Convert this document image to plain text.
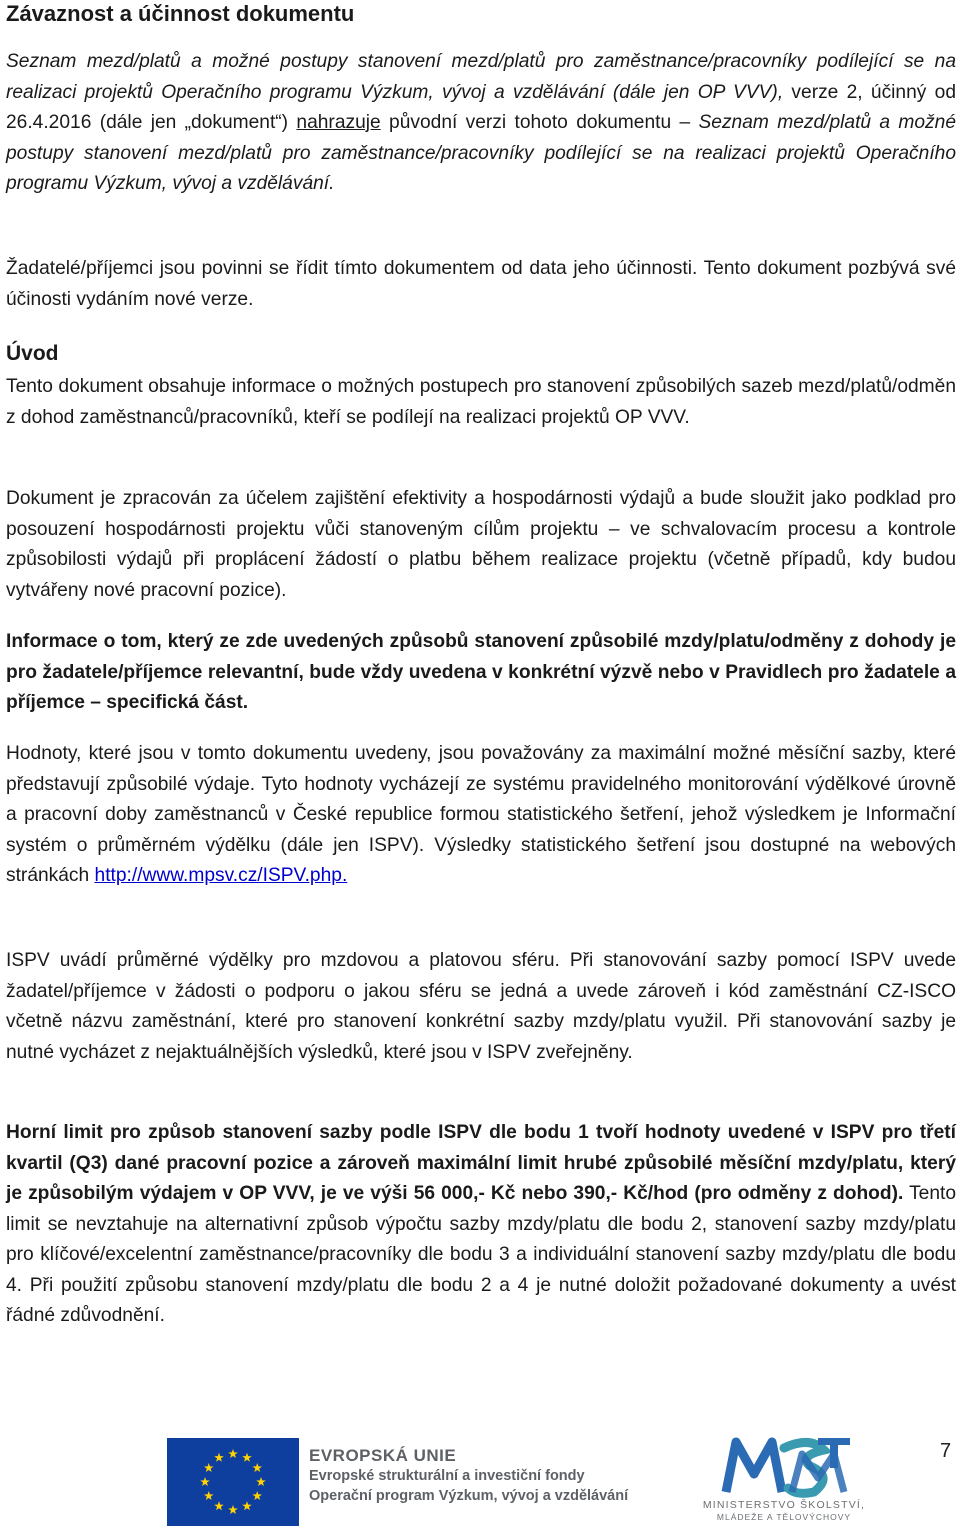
Závaznost a účinnost dokumentu

Seznam mezd/platů a možné postupy stanovení mezd/platů pro zaměstnance/pracovníky podílející se na realizaci projektů Operačního programu Výzkum, vývoj a vzdělávání (dále jen OP VVV), verze 2, účinný od 26.4.2016 (dále jen „dokument“) nahrazuje původní verzi tohoto dokumentu – Seznam mezd/platů a možné postupy stanovení mezd/platů pro zaměstnance/pracovníky podílející se na realizaci projektů Operačního programu Výzkum, vývoj a vzdělávání.

Žadatelé/příjemci jsou povinni se řídit tímto dokumentem od data jeho účinnosti. Tento dokument pozbývá své účinosti vydáním nové verze.

Úvod

Tento dokument obsahuje informace o možných postupech pro stanovení způsobilých sazeb mezd/platů/odměn z dohod zaměstnanců/pracovníků, kteří se podílejí na realizaci projektů OP VVV.

Dokument je zpracován za účelem zajištění efektivity a hospodárnosti výdajů a bude sloužit jako podklad pro posouzení hospodárnosti projektu vůči stanoveným cílům projektu – ve schvalovacím procesu a kontrole způsobilosti výdajů při proplácení žádostí o platbu během realizace projektu (včetně případů, kdy budou vytvářeny nové pracovní pozice).

Informace o tom, který ze zde uvedených způsobů stanovení způsobilé mzdy/platu/odměny z dohody je pro žadatele/příjemce relevantní, bude vždy uvedena v konkrétní výzvě nebo v Pravidlech pro žadatele a příjemce – specifická část.

Hodnoty, které jsou v tomto dokumentu uvedeny, jsou považovány za maximální možné měsíční sazby, které představují způsobilé výdaje. Tyto hodnoty vycházejí ze systému pravidelného monitorování výdělkové úrovně a pracovní doby zaměstnanců v České republice formou statistického šetření, jehož výsledkem je Informační systém o průměrném výdělku (dále jen ISPV). Výsledky statistického šetření jsou dostupné na webových stránkách http://www.mpsv.cz/ISPV.php.

ISPV uvádí průměrné výdělky pro mzdovou a platovou sféru. Při stanovování sazby pomocí ISPV uvede žadatel/příjemce v žádosti o podporu o jakou sféru se jedná a uvede zároveň i kód zaměstnání CZ-ISCO včetně názvu zaměstnání, které pro stanovení konkrétní sazby mzdy/platu využil. Při stanovování sazby je nutné vycházet z nejaktuálnějších výsledků, které jsou v ISPV zveřejněny.

Horní limit pro způsob stanovení sazby podle ISPV dle bodu 1 tvoří hodnoty uvedené v ISPV pro třetí kvartil (Q3) dané pracovní pozice a zároveň maximální limit hrubé způsobilé měsíční mzdy/platu, který je způsobilým výdajem v OP VVV, je ve výši 56 000,- Kč nebo 390,- Kč/hod (pro odměny z dohod). Tento limit se nevztahuje na alternativní způsob výpočtu sazby mzdy/platu dle bodu 2, stanovení sazby mzdy/platu pro klíčové/excelentní zaměstnance/pracovníky dle bodu 3 a individuální stanovení sazby mzdy/platu dle bodu 4. Při použití způsobu stanovení mzdy/platu dle bodu 2 a 4 je nutné doložit požadované dokumenty a uvést řádné zdůvodnění.

EVROPSKÁ UNIE
Evropské strukturální a investiční fondy
Operační program Výzkum, vývoj a vzdělávání
MINISTERSTVO ŠKOLSTVÍ,
MLÁDEŽE A TĚLOVÝCHOVY
7
